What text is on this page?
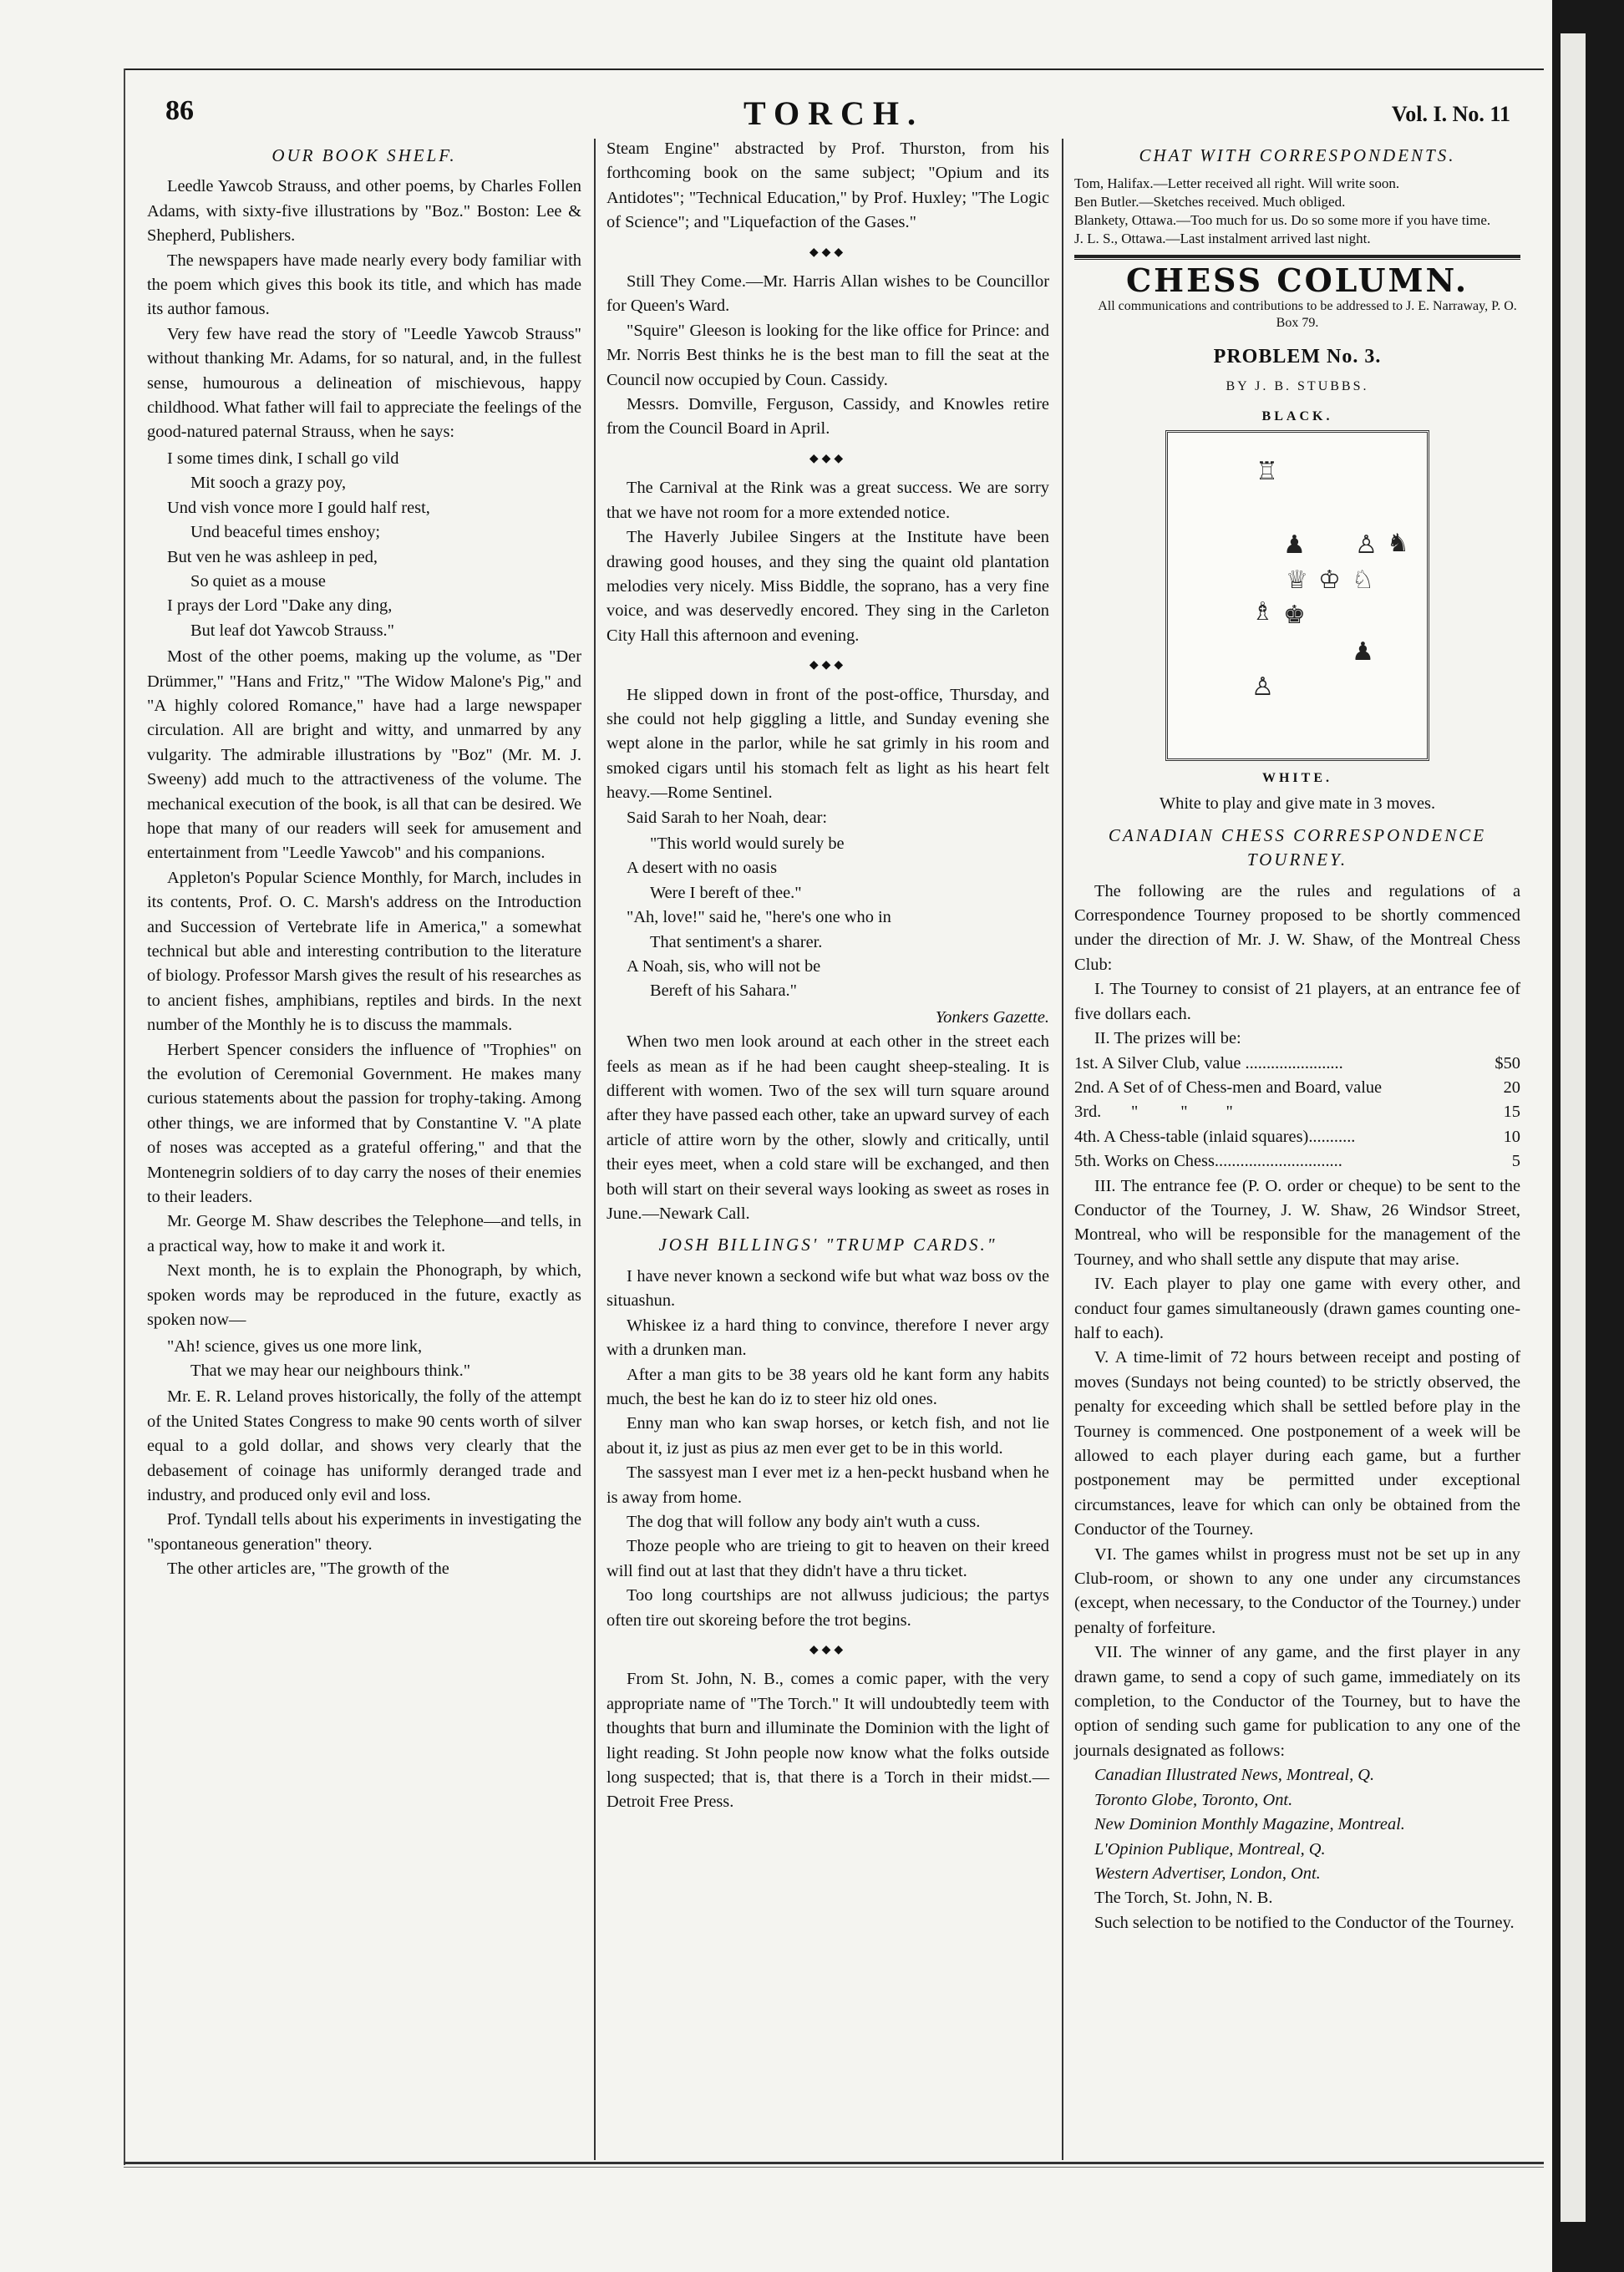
86	TORCH.	Vol. I. No. 11
OUR BOOK SHELF.

Leedle Yawcob Strauss, and other poems, by Charles Follen Adams, with sixty-five illustrations by "Boz." Boston: Lee & Shepherd, Publishers.

The newspapers have made nearly every body familiar with the poem which gives this book its title, and which has made its author famous.

Very few have read the story of "Leedle Yawcob Strauss" without thanking Mr. Adams, for so natural, and, in the fullest sense, humourous a delineation of mischievous, happy childhood. What father will fail to appreciate the feelings of the good-natured paternal Strauss, when he says:

I some times dink, I schall go vild
Mit sooch a grazy poy,
Und vish vonce more I gould half rest,
Und beaceful times enshoy;
But ven he was ashleep in ped,
So quiet as a mouse
I prays der Lord "Dake any ding,
But leaf dot Yawcob Strauss."

Most of the other poems, making up the volume, as "Der Drümmer," "Hans and Fritz," "The Widow Malone's Pig," and "A highly colored Romance," have had a large newspaper circulation. All are bright and witty, and unmarred by any vulgarity. The admirable illustrations by "Boz" (Mr. M. J. Sweeny) add much to the attractiveness of the volume. The mechanical execution of the book, is all that can be desired. We hope that many of our readers will seek for amusement and entertainment from "Leedle Yawcob" and his companions.

Appleton's Popular Science Monthly, for March, includes in its contents, Prof. O. C. Marsh's address on the Introduction and Succession of Vertebrate life in America," a somewhat technical but able and interesting contribution to the literature of biology. Professor Marsh gives the result of his researches as to ancient fishes, amphibians, reptiles and birds. In the next number of the Monthly he is to discuss the mammals.

Herbert Spencer considers the influence of "Trophies" on the evolution of Ceremonial Government. He makes many curious statements about the passion for trophy-taking. Among other things, we are informed that by Constantine V. "A plate of noses was accepted as a grateful offering," and that the Montenegrin soldiers of to day carry the noses of their enemies to their leaders.

Mr. George M. Shaw describes the Telephone—and tells, in a practical way, how to make it and work it.

Next month, he is to explain the Phonograph, by which, spoken words may be reproduced in the future, exactly as spoken now—

"Ah! science, gives us one more link,
That we may hear our neighbours think."

Mr. E. R. Leland proves historically, the folly of the attempt of the United States Congress to make 90 cents worth of silver equal to a gold dollar, and shows very clearly that the debasement of coinage has uniformly deranged trade and industry, and produced only evil and loss.

Prof. Tyndall tells about his experiments in investigating the "spontaneous generation" theory.

The other articles are, "The growth of the

Steam Engine" abstracted by Prof. Thurston, from his forthcoming book on the same subject; "Opium and its Antidotes"; "Technical Education," by Prof. Huxley; "The Logic of Science"; and "Liquefaction of the Gases."

◆◆◆

Still They Come.—Mr. Harris Allan wishes to be Councillor for Queen's Ward.

"Squire" Gleeson is looking for the like office for Prince: and Mr. Norris Best thinks he is the best man to fill the seat at the Council now occupied by Coun. Cassidy.

Messrs. Domville, Ferguson, Cassidy, and Knowles retire from the Council Board in April.

◆◆◆

The Carnival at the Rink was a great success. We are sorry that we have not room for a more extended notice.

The Haverly Jubilee Singers at the Institute have been drawing good houses, and they sing the quaint old plantation melodies very nicely. Miss Biddle, the soprano, has a very fine voice, and was deservedly encored. They sing in the Carleton City Hall this afternoon and evening.

◆◆◆

He slipped down in front of the post-office, Thursday, and she could not help giggling a little, and Sunday evening she wept alone in the parlor, while he sat grimly in his room and smoked cigars until his stomach felt as light as his heart felt heavy.—Rome Sentinel.

Said Sarah to her Noah, dear:

"This world would surely be
A desert with no oasis
Were I bereft of thee."
"Ah, love!" said he, "here's one who in
That sentiment's a sharer.
A Noah, sis, who will not be
Bereft of his Sahara."
Yonkers Gazette.

When two men look around at each other in the street each feels as mean as if he had been caught sheep-stealing. It is different with women. Two of the sex will turn square around after they have passed each other, take an upward survey of each article of attire worn by the other, slowly and critically, until their eyes meet, when a cold stare will be exchanged, and then both will start on their several ways looking as sweet as roses in June.—Newark Call.

JOSH BILLINGS' "TRUMP CARDS."

I have never known a seckond wife but what waz boss ov the situashun.

Whiskee iz a hard thing to convince, therefore I never argy with a drunken man.

After a man gits to be 38 years old he kant form any habits much, the best he kan do iz to steer hiz old ones.

Enny man who kan swap horses, or ketch fish, and not lie about it, iz just as pius az men ever get to be in this world.

The sassyest man I ever met iz a hen-peckt husband when he is away from home.

The dog that will follow any body ain't wuth a cuss.

Thoze people who are trieing to git to heaven on their kreed will find out at last that they didn't have a thru ticket.

Too long courtships are not allwuss judicious; the partys often tire out skoreing before the trot begins.

◆◆◆

From St. John, N. B., comes a comic paper, with the very appropriate name of "The Torch." It will undoubtedly teem with thoughts that burn and illuminate the Dominion with the light of light reading. St John people now know what the folks outside long suspected; that is, that there is a Torch in their midst.—Detroit Free Press.

CHAT WITH CORRESPONDENTS.
Tom, Halifax.—Letter received all right. Will write soon.
Ben Butler.—Sketches received. Much obliged.
Blankety, Ottawa.—Too much for us. Do so some more if you have time.
J. L. S., Ottawa.—Last instalment arrived last night.
CHESS COLUMN.

All communications and contributions to be addressed to J. E. Narraway, P. O. Box 79.

PROBLEM No. 3.
BY J. B. STUBBS.
BLACK.
♖
♟ ♙ ♞
♕ ♔ ♘
♗ ♚
♟
♙
WHITE.
White to play and give mate in 3 moves.
CANADIAN CHESS CORRESPONDENCE TOURNEY.

The following are the rules and regulations of a Correspondence Tourney proposed to be shortly commenced under the direction of Mr. J. W. Shaw, of the Montreal Chess Club:

I. The Tourney to consist of 21 players, at an entrance fee of five dollars each.

II. The prizes will be:

1st. A Silver Club, value .......................	$50
2nd. A Set of of Chess-men and Board, value	20
3rd.       "          "         "	15
4th. A Chess-table (inlaid squares)...........	10
5th. Works on Chess..............................	5

III. The entrance fee (P. O. order or cheque) to be sent to the Conductor of the Tourney, J. W. Shaw, 26 Windsor Street, Montreal, who will be responsible for the management of the Tourney, and who shall settle any dispute that may arise.

IV. Each player to play one game with every other, and conduct four games simultaneously (drawn games counting one-half to each).

V. A time-limit of 72 hours between receipt and posting of moves (Sundays not being counted) to be strictly observed, the penalty for exceeding which shall be settled before play in the Tourney is commenced. One postponement of a week will be allowed to each player during each game, but a further postponement may be permitted under exceptional circumstances, leave for which can only be obtained from the Conductor of the Tourney.

VI. The games whilst in progress must not be set up in any Club-room, or shown to any one under any circumstances (except, when necessary, to the Conductor of the Tourney.) under penalty of forfeiture.

VII. The winner of any game, and the first player in any drawn game, to send a copy of such game, immediately on its completion, to the Conductor of the Tourney, but to have the option of sending such game for publication to any one of the journals designated as follows:

Canadian Illustrated News, Montreal, Q.
Toronto Globe, Toronto, Ont.
New Dominion Monthly Magazine, Montreal.
L'Opinion Publique, Montreal, Q.
Western Advertiser, London, Ont.
The Torch, St. John, N. B.

Such selection to be notified to the Conductor of the Tourney.
